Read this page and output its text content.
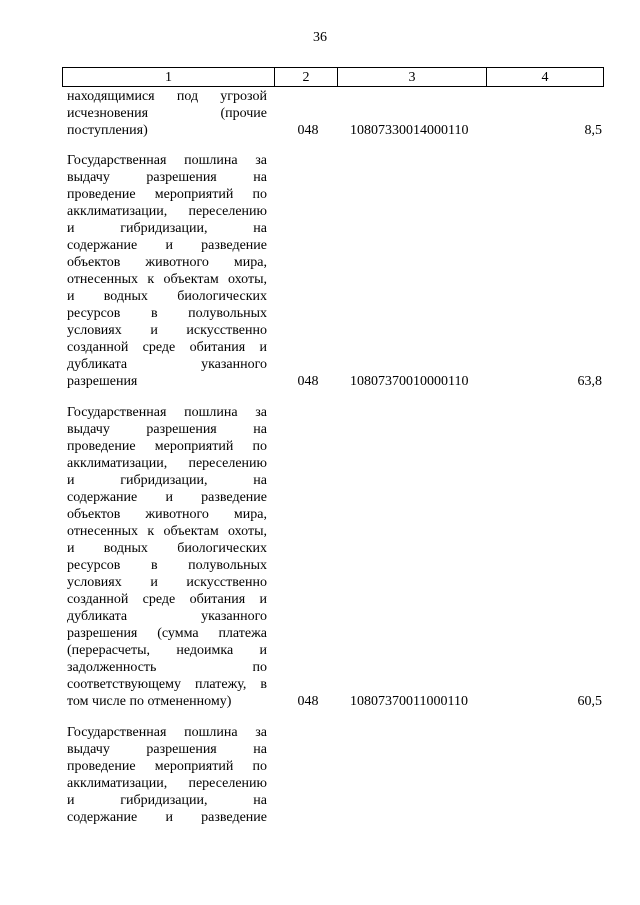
36
1	2	3	4
находящимися под угрозой
исчезновения (прочие
поступления)	048 10807330014000110	8,5
Государственная пошлина за
выдачу разрешения на
проведение мероприятий по
акклиматизации, переселению
и гибридизации, на
содержание и разведение
объектов животного мира,
отнесенных к объектам охоты,
и водных биологических
ресурсов в полувольных
условиях и искусственно
созданной среде обитания и
дубликата указанного
разрешения	048 10807370010000110	63,8
Государственная пошлина за
выдачу разрешения на
проведение мероприятий по
акклиматизации, переселению
и гибридизации, на
содержание и разведение
объектов животного мира,
отнесенных к объектам охоты,
и водных биологических
ресурсов в полувольных
условиях и искусственно
созданной среде обитания и
дубликата указанного
разрешения (сумма платежа
(перерасчеты, недоимка и
задолженность по
соответствующему платежу, в
том числе по отмененному)	048 10807370011000110	60,5
Государственная пошлина за
выдачу разрешения на
проведение мероприятий по
акклиматизации, переселению
и гибридизации, на
содержание и разведение
